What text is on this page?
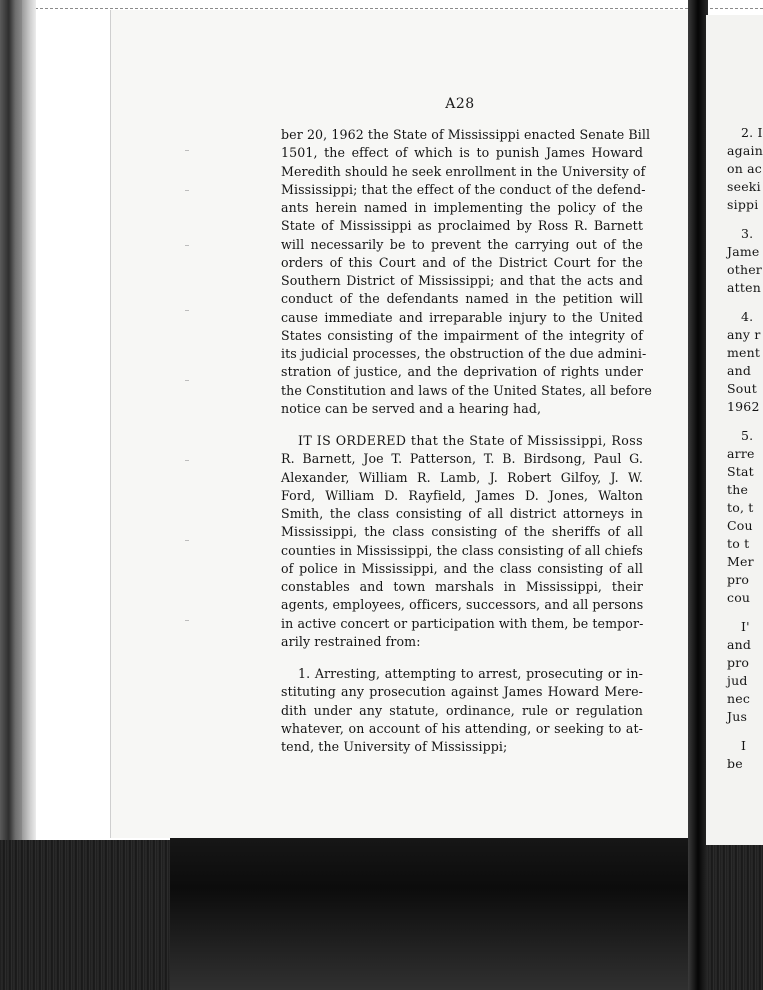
A28
ber 20, 1962 the State of Mississippi enacted Senate Bill
1501, the effect of which is to punish James Howard
Meredith should he seek enrollment in the University of
Mississippi; that the effect of the conduct of the defend-
ants herein named in implementing the policy of the
State of Mississippi as proclaimed by Ross R. Barnett
will necessarily be to prevent the carrying out of the
orders of this Court and of the District Court for the
Southern District of Mississippi; and that the acts and
conduct of the defendants named in the petition will
cause immediate and irreparable injury to the United
States consisting of the impairment of the integrity of
its judicial processes, the obstruction of the due admini-
stration of justice, and the deprivation of rights under
the Constitution and laws of the United States, all before
notice can be served and a hearing had,
IT IS ORDERED that the State of Mississippi, Ross
R. Barnett, Joe T. Patterson, T. B. Birdsong, Paul G.
Alexander, William R. Lamb, J. Robert Gilfoy, J. W.
Ford, William D. Rayfield, James D. Jones, Walton
Smith, the class consisting of all district attorneys in
Mississippi, the class consisting of the sheriffs of all
counties in Mississippi, the class consisting of all chiefs
of police in Mississippi, and the class consisting of all
constables and town marshals in Mississippi, their
agents, employees, officers, successors, and all persons
in active concert or participation with them, be tempor-
arily restrained from:
1. Arresting, attempting to arrest, prosecuting or in-
stituting any prosecution against James Howard Mere-
dith under any statute, ordinance, rule or regulation
whatever, on account of his attending, or seeking to at-
tend, the University of Mississippi;
2. I
again
on ac
seeki
sippi
3.
Jame
other
atten
4.
any r
ment
and
Sout
1962
5.
arre
Stat
the
to, t
Cou
to t
Mer
pro
cou
I'
and
pro
jud
nec
Jus
I
be
